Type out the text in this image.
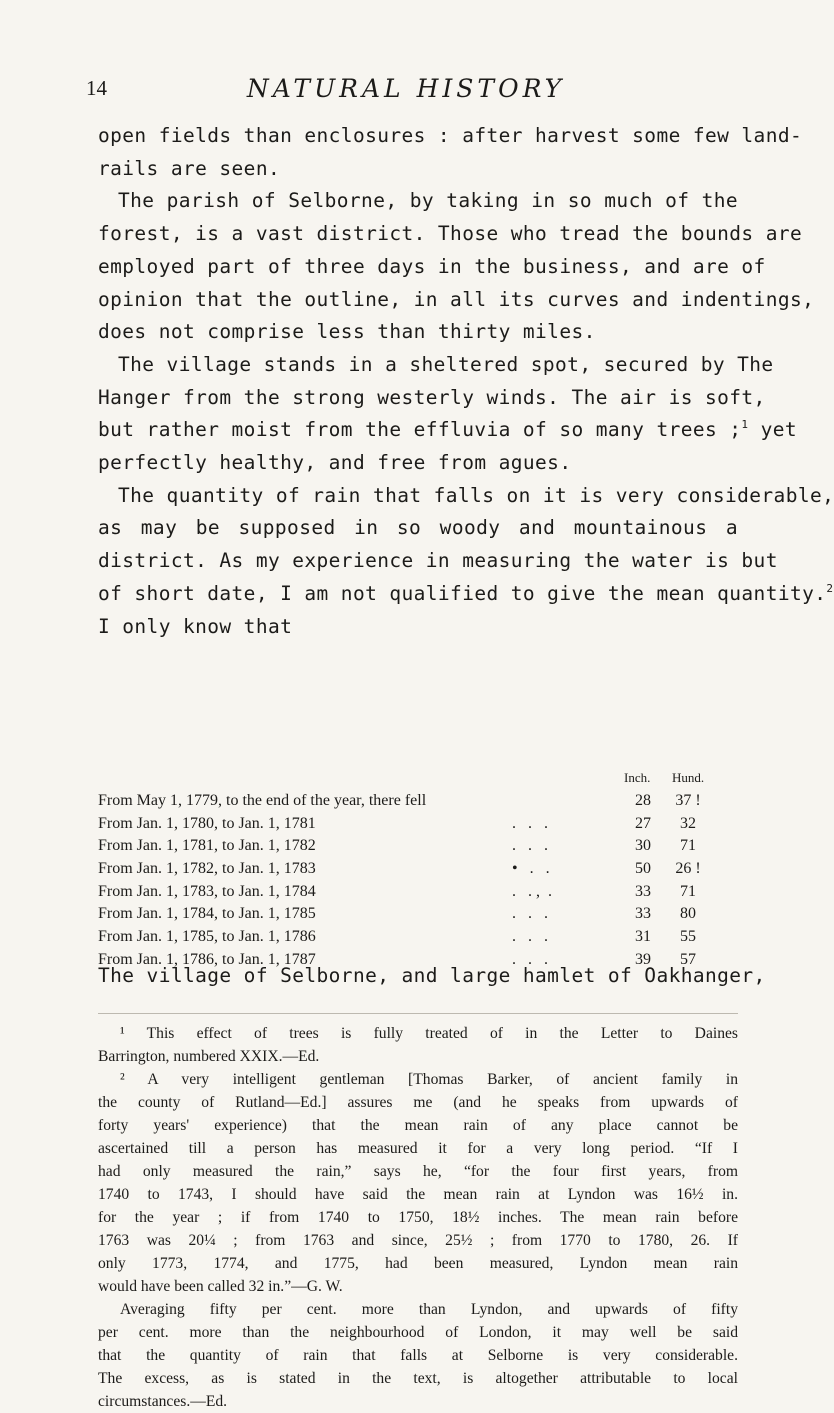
14	NATURAL HISTORY
open fields than enclosures : after harvest some few land-
rails are seen.
The parish of Selborne, by taking in so much of the
forest, is a vast district. Those who tread the bounds are
employed part of three days in the business, and are of
opinion that the outline, in all its curves and indentings,
does not comprise less than thirty miles.
The village stands in a sheltered spot, secured by The
Hanger from the strong westerly winds. The air is soft,
but rather moist from the effluvia of so many trees ;$^1$ yet
perfectly healthy, and free from agues.
The quantity of rain that falls on it is very considerable,
as may be supposed in so woody and mountainous a
district. As my experience in measuring the water is but
of short date, I am not qualified to give the mean quantity.$^2$
I only know that
Inch. Hund.
From May 1, 1779, to the end of the year, there fell	28	37 !
From Jan. 1, 1780, to Jan. 1, 1781	.   .   .	27	32
From Jan. 1, 1781, to Jan. 1, 1782	.   .   .	30	71
From Jan. 1, 1782, to Jan. 1, 1783	•   .   .	50	26 !
From Jan. 1, 1783, to Jan. 1, 1784	.   . ,  .	33	71
From Jan. 1, 1784, to Jan. 1, 1785	.   .   .	33	80
From Jan. 1, 1785, to Jan. 1, 1786	.   .   .	31	55
From Jan. 1, 1786, to Jan. 1, 1787	.   .   .	39	57
The village of Selborne, and large hamlet of Oakhanger,
¹ This effect of trees is fully treated of in the Letter to Daines
Barrington, numbered XXIX.—Ed.
² A very intelligent gentleman [Thomas Barker, of ancient family in
the county of Rutland—Ed.] assures me (and he speaks from upwards of
forty years' experience) that the mean rain of any place cannot be
ascertained till a person has measured it for a very long period. “If I
had only measured the rain,” says he, “for the four first years, from
1740 to 1743, I should have said the mean rain at Lyndon was 16½ in.
for the year ; if from 1740 to 1750, 18½ inches. The mean rain before
1763 was 20¼ ; from 1763 and since, 25½ ; from 1770 to 1780, 26. If
only 1773, 1774, and 1775, had been measured, Lyndon mean rain
would have been called 32 in.”—G. W.
Averaging fifty per cent. more than Lyndon, and upwards of fifty
per cent. more than the neighbourhood of London, it may well be said
that the quantity of rain that falls at Selborne is very considerable.
The excess, as is stated in the text, is altogether attributable to local
circumstances.—Ed.
